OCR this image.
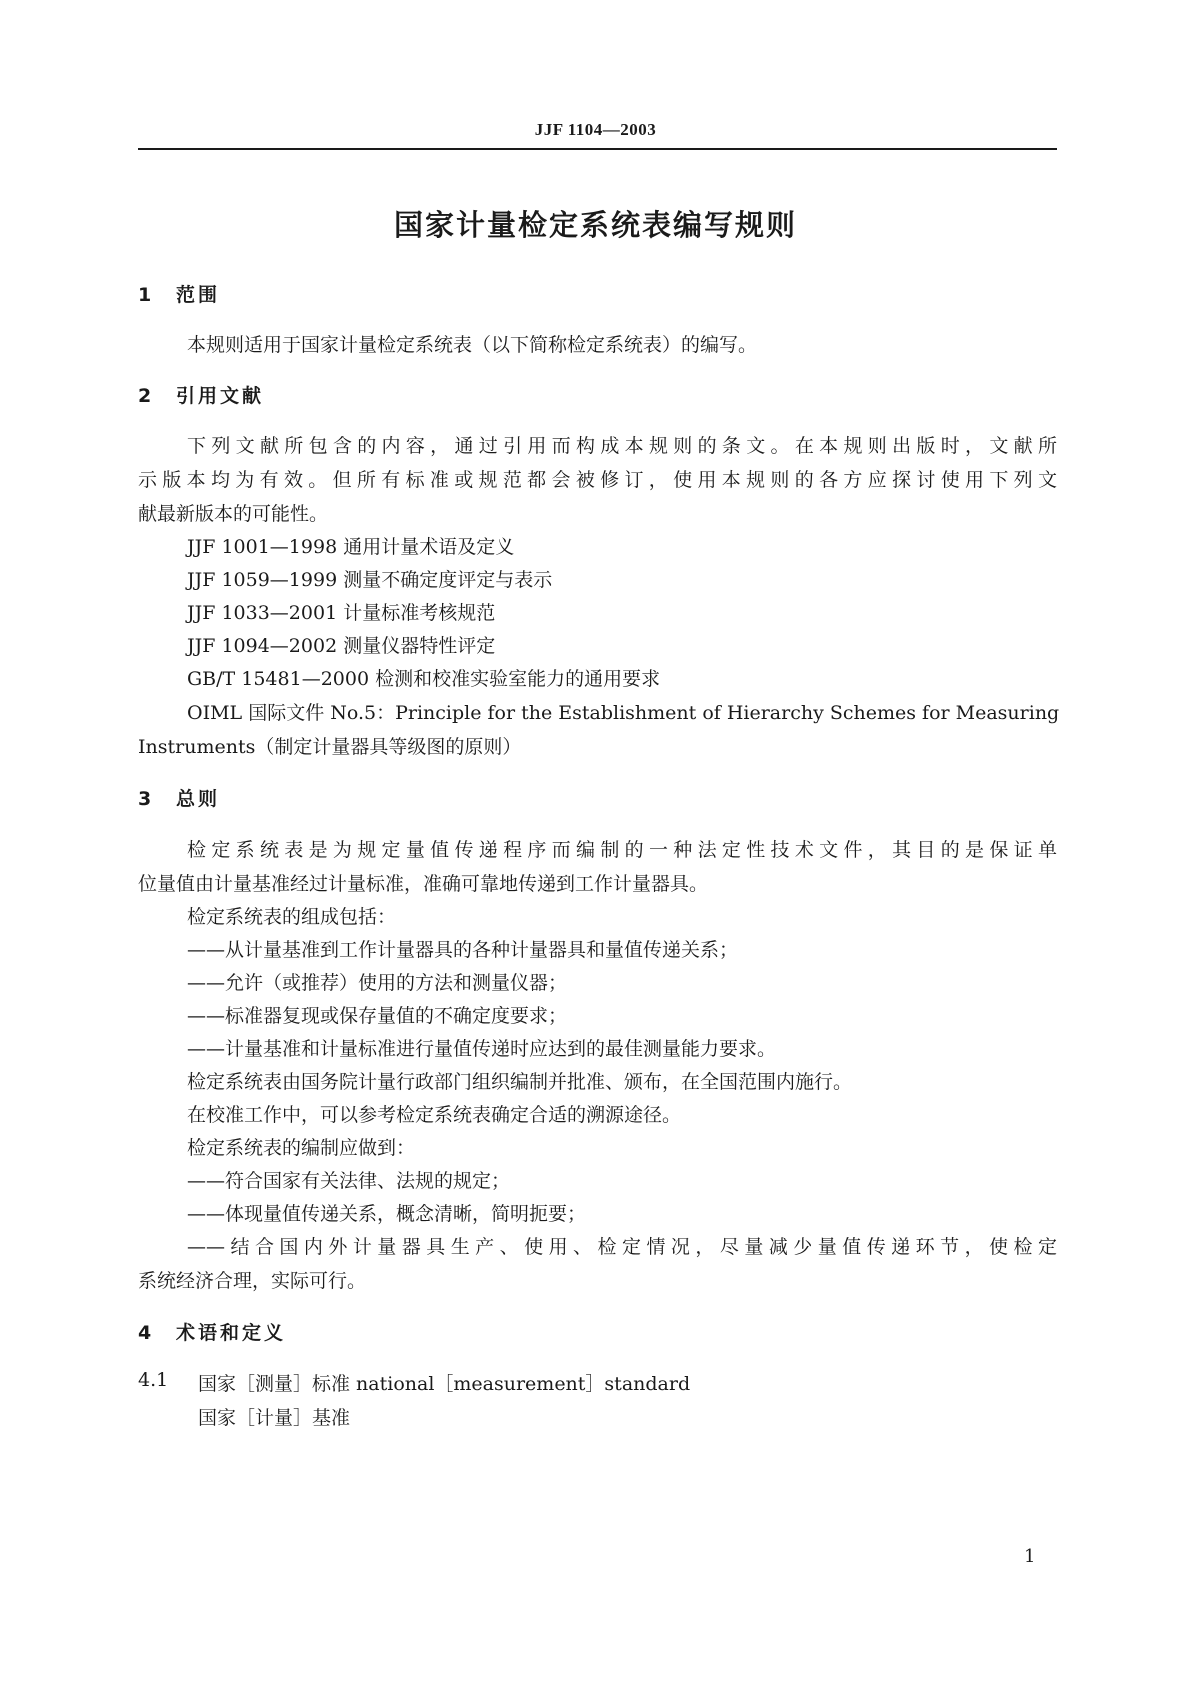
JJF 1104—2003
国家计量检定系统表编写规则
1 范围
本规则适用于国家计量检定系统表（以下简称检定系统表）的编写。
2 引用文献
下列文献所包含的内容，通过引用而构成本规则的条文。在本规则出版时，文献所
示版本均为有效。但所有标准或规范都会被修订，使用本规则的各方应探讨使用下列文
献最新版本的可能性。
JJF 1001—1998 通用计量术语及定义
JJF 1059—1999 测量不确定度评定与表示
JJF 1033—2001 计量标准考核规范
JJF 1094—2002 测量仪器特性评定
GB/T 15481—2000 检测和校准实验室能力的通用要求
OIML 国际文件 No.5：Principle for the Establishment of Hierarchy Schemes for Measuring
Instruments（制定计量器具等级图的原则）
3 总则
检定系统表是为规定量值传递程序而编制的一种法定性技术文件，其目的是保证单
位量值由计量基准经过计量标准，准确可靠地传递到工作计量器具。
检定系统表的组成包括：
——从计量基准到工作计量器具的各种计量器具和量值传递关系；
——允许（或推荐）使用的方法和测量仪器；
——标准器复现或保存量值的不确定度要求；
——计量基准和计量标准进行量值传递时应达到的最佳测量能力要求。
检定系统表由国务院计量行政部门组织编制并批准、颁布，在全国范围内施行。
在校准工作中，可以参考检定系统表确定合适的溯源途径。
检定系统表的编制应做到：
——符合国家有关法律、法规的规定；
——体现量值传递关系，概念清晰，简明扼要；
——结合国内外计量器具生产、使用、检定情况，尽量减少量值传递环节，使检定
系统经济合理，实际可行。
4 术语和定义
4.1 国家［测量］标准 national［measurement］standard
国家［计量］基准
1
